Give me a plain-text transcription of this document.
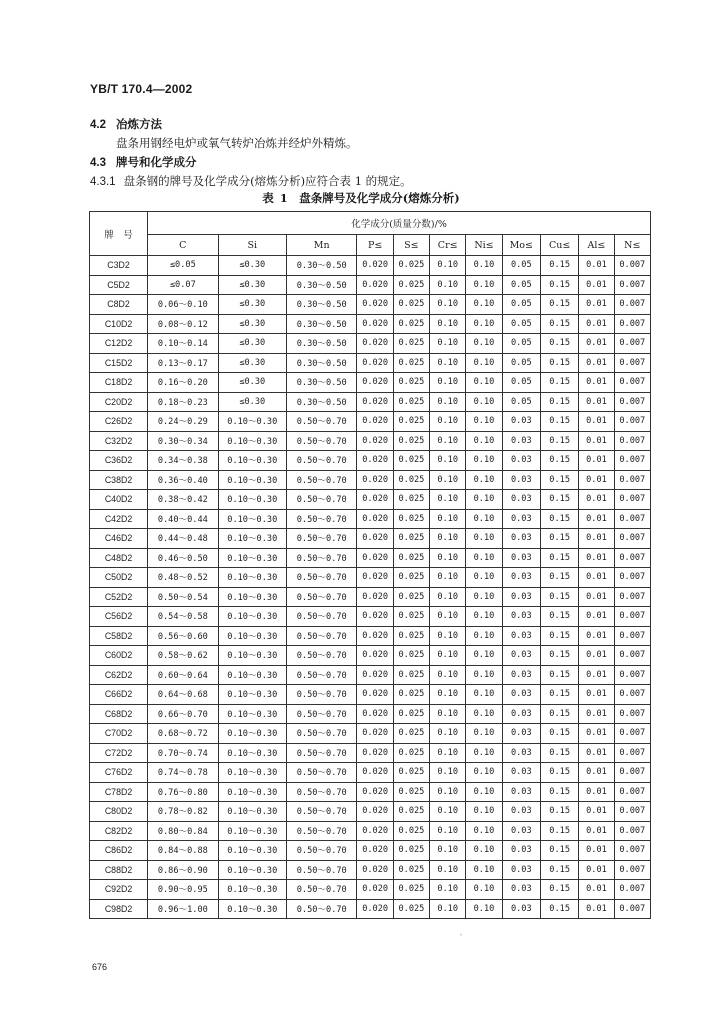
YB/T 170.4—2002
4.2 冶炼方法
盘条用钢经电炉或氧气转炉冶炼并经炉外精炼。
4.3 牌号和化学成分
4.3.1 盘条钢的牌号及化学成分(熔炼分析)应符合表 1 的规定。
表 1　盘条牌号及化学成分(熔炼分析)
牌　号	化学成分(质量分数)/%										
	C	Si	Mn	P≤	S≤	Cr≤	Ni≤	Mo≤	Cu≤	Al≤	N≤
C3D2	≤0.05	≤0.30	0.30～0.50	0.020	0.025	0.10	0.10	0.05	0.15	0.01	0.007
C5D2	≤0.07	≤0.30	0.30～0.50	0.020	0.025	0.10	0.10	0.05	0.15	0.01	0.007
C8D2	0.06～0.10	≤0.30	0.30～0.50	0.020	0.025	0.10	0.10	0.05	0.15	0.01	0.007
C10D2	0.08～0.12	≤0.30	0.30～0.50	0.020	0.025	0.10	0.10	0.05	0.15	0.01	0.007
C12D2	0.10～0.14	≤0.30	0.30～0.50	0.020	0.025	0.10	0.10	0.05	0.15	0.01	0.007
C15D2	0.13～0.17	≤0.30	0.30～0.50	0.020	0.025	0.10	0.10	0.05	0.15	0.01	0.007
C18D2	0.16～0.20	≤0.30	0.30～0.50	0.020	0.025	0.10	0.10	0.05	0.15	0.01	0.007
C20D2	0.18～0.23	≤0.30	0.30～0.50	0.020	0.025	0.10	0.10	0.05	0.15	0.01	0.007
C26D2	0.24～0.29	0.10～0.30	0.50～0.70	0.020	0.025	0.10	0.10	0.03	0.15	0.01	0.007
C32D2	0.30～0.34	0.10～0.30	0.50～0.70	0.020	0.025	0.10	0.10	0.03	0.15	0.01	0.007
C36D2	0.34～0.38	0.10～0.30	0.50～0.70	0.020	0.025	0.10	0.10	0.03	0.15	0.01	0.007
C38D2	0.36～0.40	0.10～0.30	0.50～0.70	0.020	0.025	0.10	0.10	0.03	0.15	0.01	0.007
C40D2	0.38～0.42	0.10～0.30	0.50～0.70	0.020	0.025	0.10	0.10	0.03	0.15	0.01	0.007
C42D2	0.40～0.44	0.10～0.30	0.50～0.70	0.020	0.025	0.10	0.10	0.03	0.15	0.01	0.007
C46D2	0.44～0.48	0.10～0.30	0.50～0.70	0.020	0.025	0.10	0.10	0.03	0.15	0.01	0.007
C48D2	0.46～0.50	0.10～0.30	0.50～0.70	0.020	0.025	0.10	0.10	0.03	0.15	0.01	0.007
C50D2	0.48～0.52	0.10～0.30	0.50～0.70	0.020	0.025	0.10	0.10	0.03	0.15	0.01	0.007
C52D2	0.50～0.54	0.10～0.30	0.50～0.70	0.020	0.025	0.10	0.10	0.03	0.15	0.01	0.007
C56D2	0.54～0.58	0.10～0.30	0.50～0.70	0.020	0.025	0.10	0.10	0.03	0.15	0.01	0.007
C58D2	0.56～0.60	0.10～0.30	0.50～0.70	0.020	0.025	0.10	0.10	0.03	0.15	0.01	0.007
C60D2	0.58～0.62	0.10～0.30	0.50～0.70	0.020	0.025	0.10	0.10	0.03	0.15	0.01	0.007
C62D2	0.60～0.64	0.10～0.30	0.50～0.70	0.020	0.025	0.10	0.10	0.03	0.15	0.01	0.007
C66D2	0.64～0.68	0.10～0.30	0.50～0.70	0.020	0.025	0.10	0.10	0.03	0.15	0.01	0.007
C68D2	0.66～0.70	0.10～0.30	0.50～0.70	0.020	0.025	0.10	0.10	0.03	0.15	0.01	0.007
C70D2	0.68～0.72	0.10～0.30	0.50～0.70	0.020	0.025	0.10	0.10	0.03	0.15	0.01	0.007
C72D2	0.70～0.74	0.10～0.30	0.50～0.70	0.020	0.025	0.10	0.10	0.03	0.15	0.01	0.007
C76D2	0.74～0.78	0.10～0.30	0.50～0.70	0.020	0.025	0.10	0.10	0.03	0.15	0.01	0.007
C78D2	0.76～0.80	0.10～0.30	0.50～0.70	0.020	0.025	0.10	0.10	0.03	0.15	0.01	0.007
C80D2	0.78～0.82	0.10～0.30	0.50～0.70	0.020	0.025	0.10	0.10	0.03	0.15	0.01	0.007
C82D2	0.80～0.84	0.10～0.30	0.50～0.70	0.020	0.025	0.10	0.10	0.03	0.15	0.01	0.007
C86D2	0.84～0.88	0.10～0.30	0.50～0.70	0.020	0.025	0.10	0.10	0.03	0.15	0.01	0.007
C88D2	0.86～0.90	0.10～0.30	0.50～0.70	0.020	0.025	0.10	0.10	0.03	0.15	0.01	0.007
C92D2	0.90～0.95	0.10～0.30	0.50～0.70	0.020	0.025	0.10	0.10	0.03	0.15	0.01	0.007
C98D2	0.96～1.00	0.10～0.30	0.50～0.70	0.020	0.025	0.10	0.10	0.03	0.15	0.01	0.007
。
676
